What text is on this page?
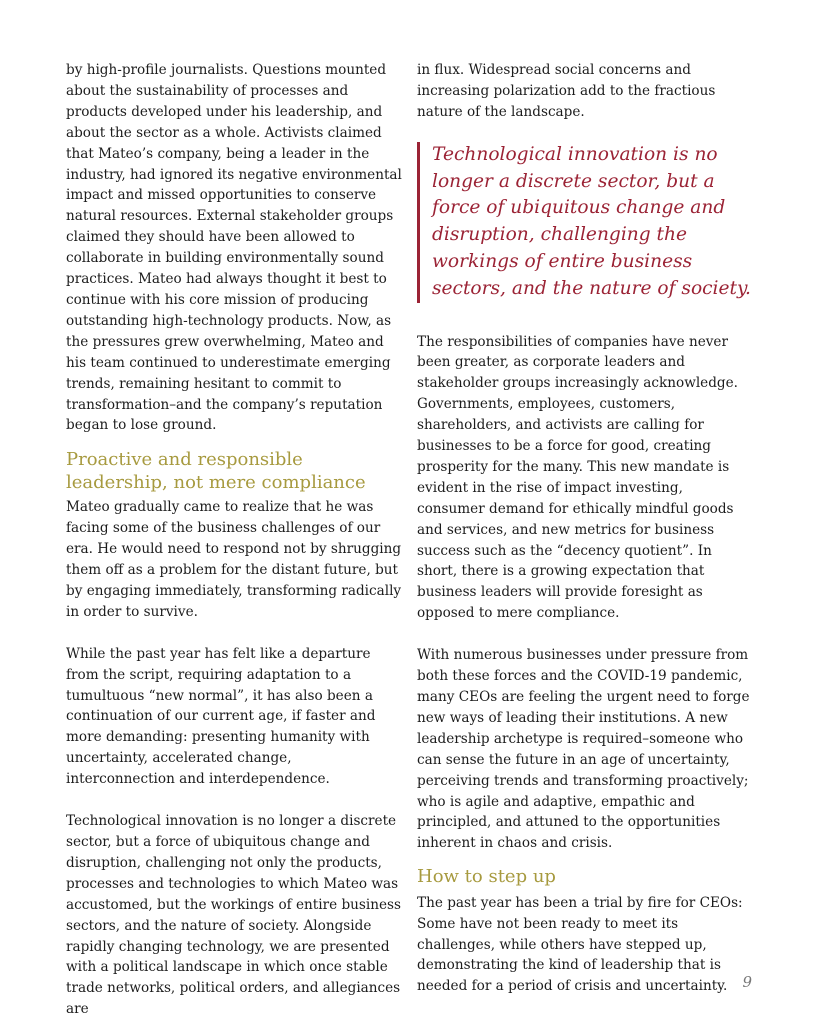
by high-profile journalists. Questions mounted about the sustainability of processes and products developed under his leadership, and about the sector as a whole. Activists claimed that Mateo’s company, being a leader in the industry, had ignored its negative environmental impact and missed opportunities to conserve natural resources. External stakeholder groups claimed they should have been allowed to collaborate in building environmentally sound practices. Mateo had always thought it best to continue with his core mission of producing outstanding high-technology products. Now, as the pressures grew overwhelming, Mateo and his team continued to underestimate emerging trends, remaining hesitant to commit to transformation–and the company’s reputation began to lose ground.

Proactive and responsible leadership, not mere compliance

Mateo gradually came to realize that he was facing some of the business challenges of our era. He would need to respond not by shrugging them off as a problem for the distant future, but by engaging immediately, transforming radically in order to survive.

While the past year has felt like a departure from the script, requiring adaptation to a tumultuous “new normal”, it has also been a continuation of our current age, if faster and more demanding: presenting humanity with uncertainty, accelerated change, interconnection and interdependence.

Technological innovation is no longer a discrete sector, but a force of ubiquitous change and disruption, challenging not only the products, processes and technologies to which Mateo was accustomed, but the workings of entire business sectors, and the nature of society. Alongside rapidly changing technology, we are presented with a political landscape in which once stable trade networks, political orders, and allegiances are

in flux. Widespread social concerns and increasing polarization add to the fractious nature of the landscape.

Technological innovation is no longer a discrete sector, but a force of ubiquitous change and disruption, challenging the workings of entire business sectors, and the nature of society.

The responsibilities of companies have never been greater, as corporate leaders and stakeholder groups increasingly acknowledge. Governments, employees, customers, shareholders, and activists are calling for businesses to be a force for good, creating prosperity for the many. This new mandate is evident in the rise of impact investing, consumer demand for ethically mindful goods and services, and new metrics for business success such as the “decency quotient”. In short, there is a growing expectation that business leaders will provide foresight as opposed to mere compliance.

With numerous businesses under pressure from both these forces and the COVID-19 pandemic, many CEOs are feeling the urgent need to forge new ways of leading their institutions. A new leadership archetype is required–someone who can sense the future in an age of uncertainty, perceiving trends and transforming proactively; who is agile and adaptive, empathic and principled, and attuned to the opportunities inherent in chaos and crisis.

How to step up

The past year has been a trial by fire for CEOs: Some have not been ready to meet its challenges, while others have stepped up, demonstrating the kind of leadership that is needed for a period of crisis and uncertainty.	9
